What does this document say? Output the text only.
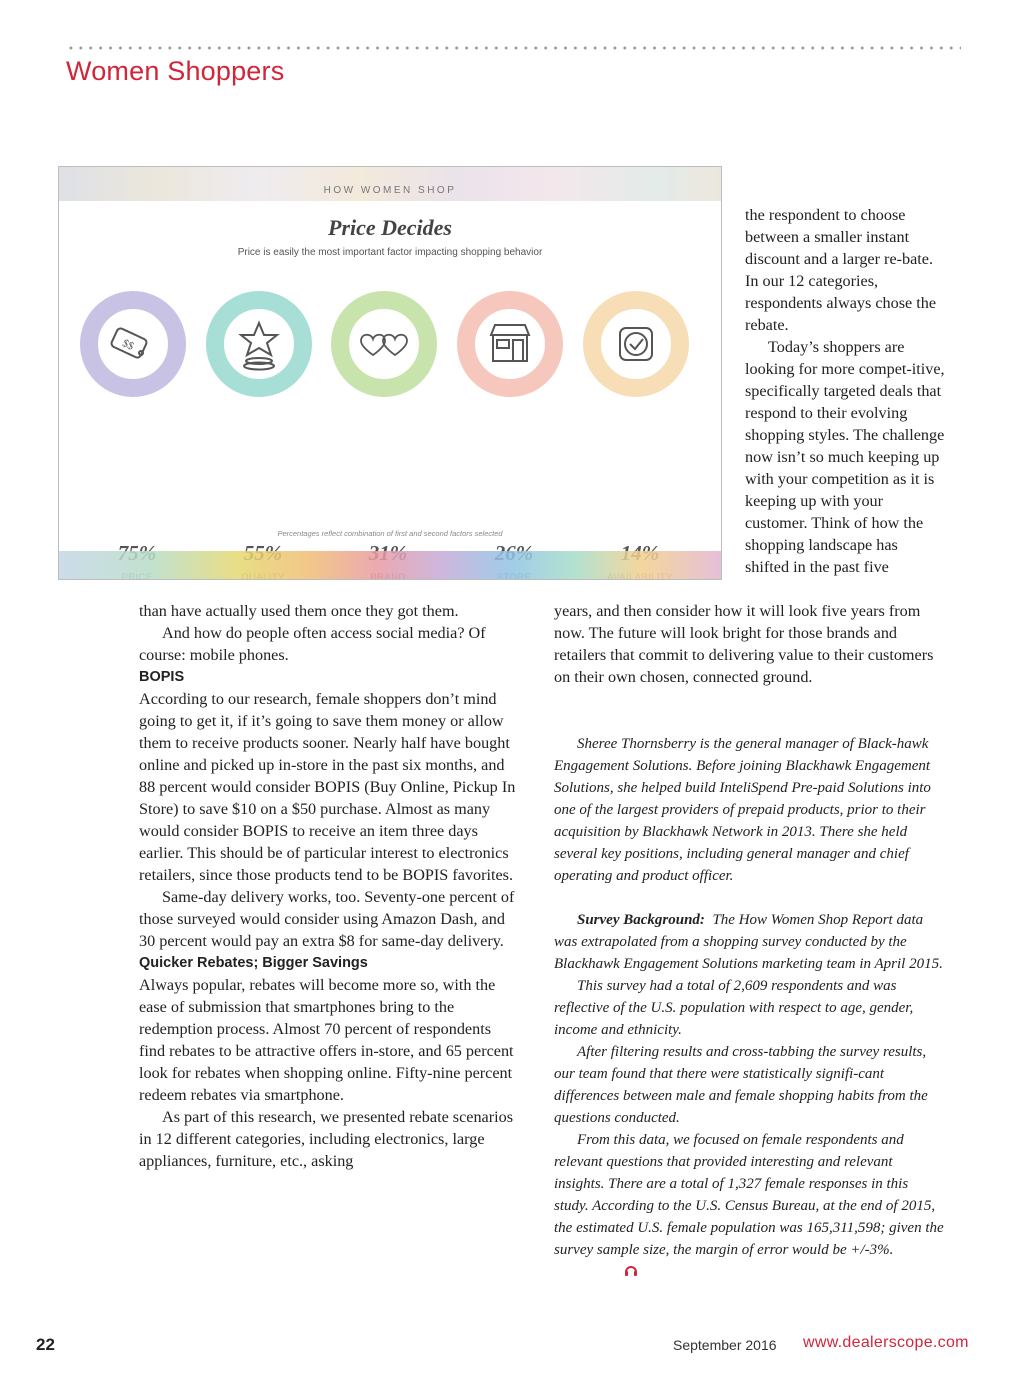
Women Shoppers
HOW WOMEN SHOP
Price Decides
Price is easily the most important factor impacting shopping behavior
$$
Percentages reflect combination of first and second factors selected

the respondent to choose between a smaller instant discount and a larger re-bate. In our 12 categories, respondents always chose the rebate.

Today’s shoppers are looking for more compet-itive, specifically targeted deals that respond to their evolving shopping styles. The challenge now isn’t so much keeping up with your competition as it is keeping up with your customer. Think of how the shopping landscape has shifted in the past five

than have actually used them once they got them.

And how do people often access social media? Of course: mobile phones.

BOPIS

According to our research, female shoppers don’t mind going to get it, if it’s going to save them money or allow them to receive products sooner. Nearly half have bought online and picked up in-store in the past six months, and 88 percent would consider BOPIS (Buy Online, Pickup In Store) to save $10 on a $50 purchase. Almost as many would consider BOPIS to receive an item three days earlier. This should be of particular interest to electronics retailers, since those products tend to be BOPIS favorites.

Same-day delivery works, too. Seventy-one percent of those surveyed would consider using Amazon Dash, and 30 percent would pay an extra $8 for same-day delivery.

Quicker Rebates; Bigger Savings

Always popular, rebates will become more so, with the ease of submission that smartphones bring to the redemption process. Almost 70 percent of respondents find rebates to be attractive offers in-store, and 65 percent look for rebates when shopping online. Fifty-nine percent redeem rebates via smartphone.

As part of this research, we presented rebate scenarios in 12 different categories, including electronics, large appliances, furniture, etc., asking

years, and then consider how it will look five years from now. The future will look bright for those brands and retailers that commit to delivering value to their customers on their own chosen, connected ground.

Sheree Thornsberry is the general manager of Black-hawk Engagement Solutions. Before joining Blackhawk Engagement Solutions, she helped build InteliSpend Pre-paid Solutions into one of the largest providers of prepaid products, prior to their acquisition by Blackhawk Network in 2013. There she held several key positions, including general manager and chief operating and product officer.

Survey Background: The How Women Shop Report data was extrapolated from a shopping survey conducted by the Blackhawk Engagement Solutions marketing team in April 2015.

This survey had a total of 2,609 respondents and was reflective of the U.S. population with respect to age, gender, income and ethnicity.

After filtering results and cross-tabbing the survey results, our team found that there were statistically signifi-cant differences between male and female shopping habits from the questions conducted.

From this data, we focused on female respondents and relevant questions that provided interesting and relevant insights. There are a total of 1,327 female responses in this study. According to the U.S. Census Bureau, at the end of 2015, the estimated U.S. female population was 165,311,598; given the survey sample size, the margin of error would be +/-3%.

22	September 2016 www.dealerscope.com
